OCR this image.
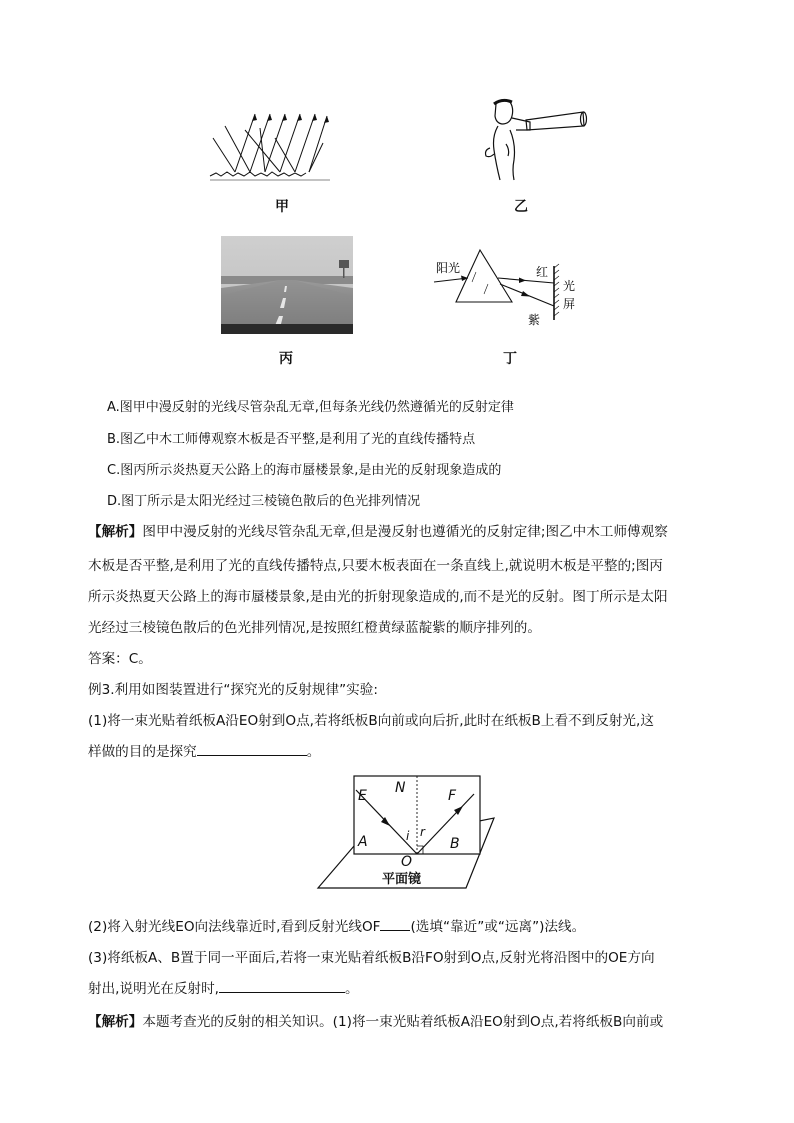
甲	乙
丙
阳光	红
紫
光
屏
丁
A.图甲中漫反射的光线尽管杂乱无章,但每条光线仍然遵循光的反射定律
B.图乙中木工师傅观察木板是否平整,是利用了光的直线传播特点
C.图丙所示炎热夏天公路上的海市蜃楼景象,是由光的反射现象造成的
D.图丁所示是太阳光经过三棱镜色散后的色光排列情况
【解析】图甲中漫反射的光线尽管杂乱无章,但是漫反射也遵循光的反射定律;图乙中木工师傅观察
木板是否平整,是利用了光的直线传播特点,只要木板表面在一条直线上,就说明木板是平整的;图丙
所示炎热夏天公路上的海市蜃楼景象,是由光的折射现象造成的,而不是光的反射。图丁所示是太阳
光经过三棱镜色散后的色光排列情况,是按照红橙黄绿蓝靛紫的顺序排列的。
答案：C。
例3.利用如图装置进行“探究光的反射规律”实验:
(1)将一束光贴着纸板A沿EO射到O点,若将纸板B向前或向后折,此时在纸板B上看不到反射光,这
样做的目的是探究	。
E N	F
A	i r
B
O
平面镜
(2)将入射光线EO向法线靠近时,看到反射光线OF (选填“靠近”或“远离”)法线。
(3)将纸板A、B置于同一平面后,若将一束光贴着纸板B沿FO射到O点,反射光将沿图中的OE方向
射出,说明光在反射时,	。
【解析】本题考查光的反射的相关知识。(1)将一束光贴着纸板A沿EO射到O点,若将纸板B向前或
